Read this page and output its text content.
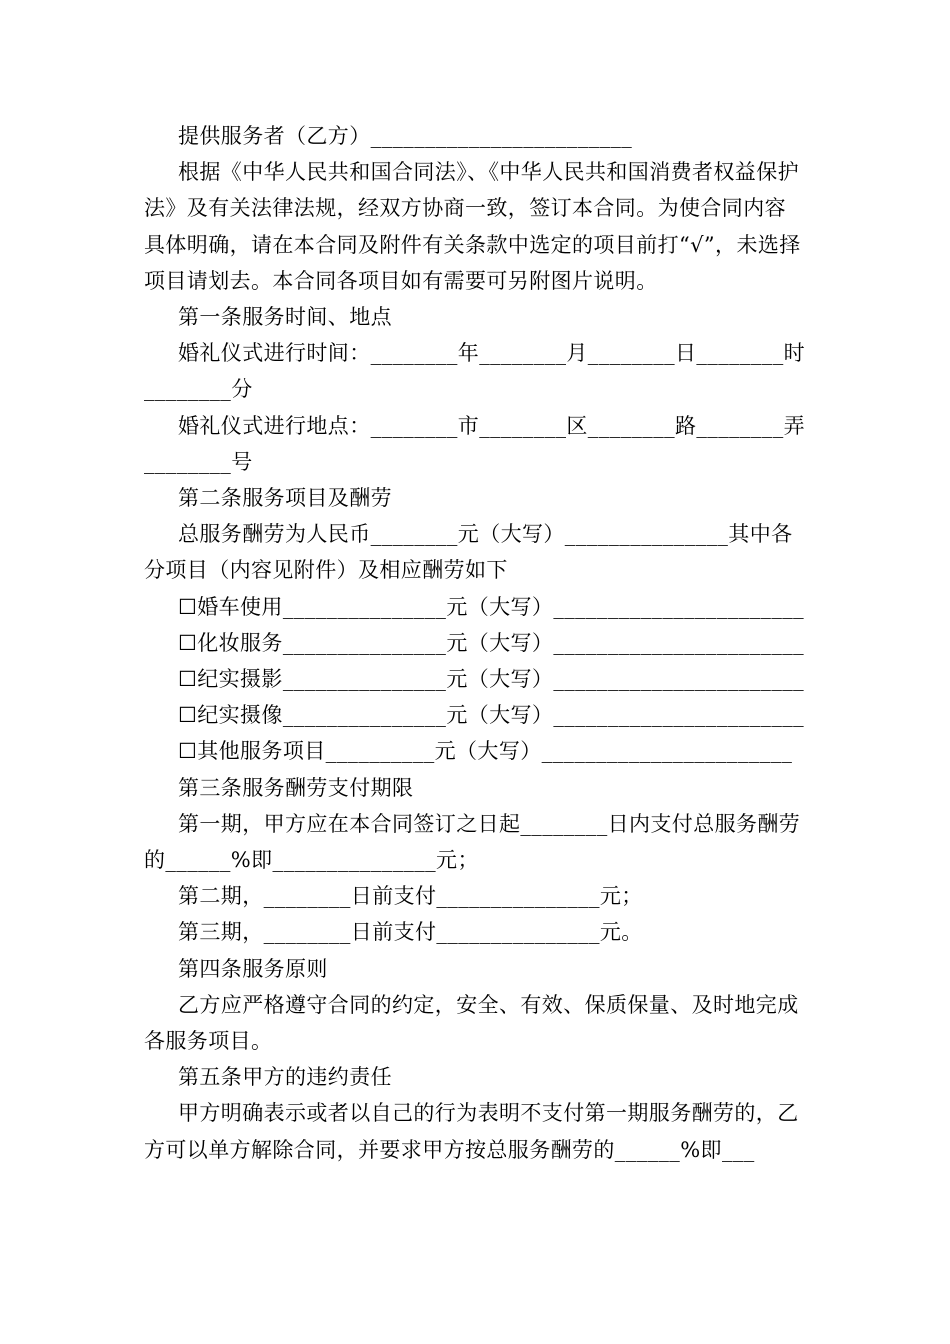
提供服务者（乙方）________________________

根据《中华人民共和国合同法》、《中华人民共和国消费者权益保护法》及有关法律法规，经双方协商一致，签订本合同。为使合同内容具体明确，请在本合同及附件有关条款中选定的项目前打“√”，未选择项目请划去。本合同各项目如有需要可另附图片说明。

第一条服务时间、地点

婚礼仪式进行时间：________年________月________日________时________分

婚礼仪式进行地点：________市________区________路________弄________号

第二条服务项目及酬劳

总服务酬劳为人民币________元（大写）_______________其中各分项目（内容见附件）及相应酬劳如下

☐婚车使用_______________元（大写）_______________________

☐化妆服务_______________元（大写）_______________________

☐纪实摄影_______________元（大写）_______________________

☐纪实摄像_______________元（大写）_______________________

☐其他服务项目__________元（大写）_______________________

第三条服务酬劳支付期限

第一期，甲方应在本合同签订之日起________日内支付总服务酬劳的______%即_______________元；

第二期，________日前支付_______________元；

第三期，________日前支付_______________元。

第四条服务原则

乙方应严格遵守合同的约定，安全、有效、保质保量、及时地完成各服务项目。

第五条甲方的违约责任

甲方明确表示或者以自己的行为表明不支付第一期服务酬劳的，乙方可以单方解除合同，并要求甲方按总服务酬劳的______%即___
